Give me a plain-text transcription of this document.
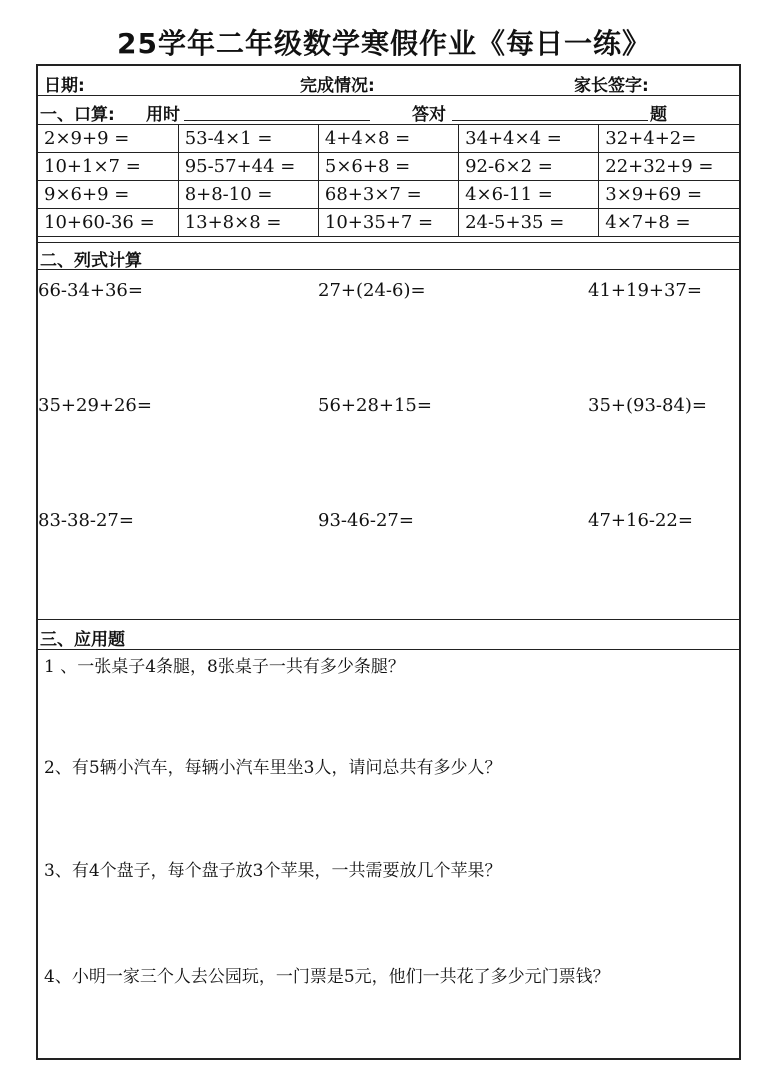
25学年二年级数学寒假作业《每日一练》
日期:	完成情况:	家长签字:
一、口算: 用时	答对	题
2×9+9 =	53-4×1 =	4+4×8 =	34+4×4 =	32+4+2=
10+1×7 =	95-57+44 =	5×6+8 =	92-6×2 =	22+32+9 =
9×6+9 =	8+8-10 =	68+3×7 =	4×6-11 =	3×9+69 =
10+60-36 =	13+8×8 =	10+35+7 =	24-5+35 =	4×7+8 =
二、列式计算
66-34+36=	27+(24-6)=	41+19+37=
35+29+26=	56+28+15=	35+(93-84)=
83-38-27=	93-46-27=	47+16-22=
三、应用题
1 、一张桌子4条腿，8张桌子一共有多少条腿？
2、有5辆小汽车，每辆小汽车里坐3人，请问总共有多少人？
3、有4个盘子，每个盘子放3个苹果，一共需要放几个苹果？
4、小明一家三个人去公园玩，一门票是5元，他们一共花了多少元门票钱？
